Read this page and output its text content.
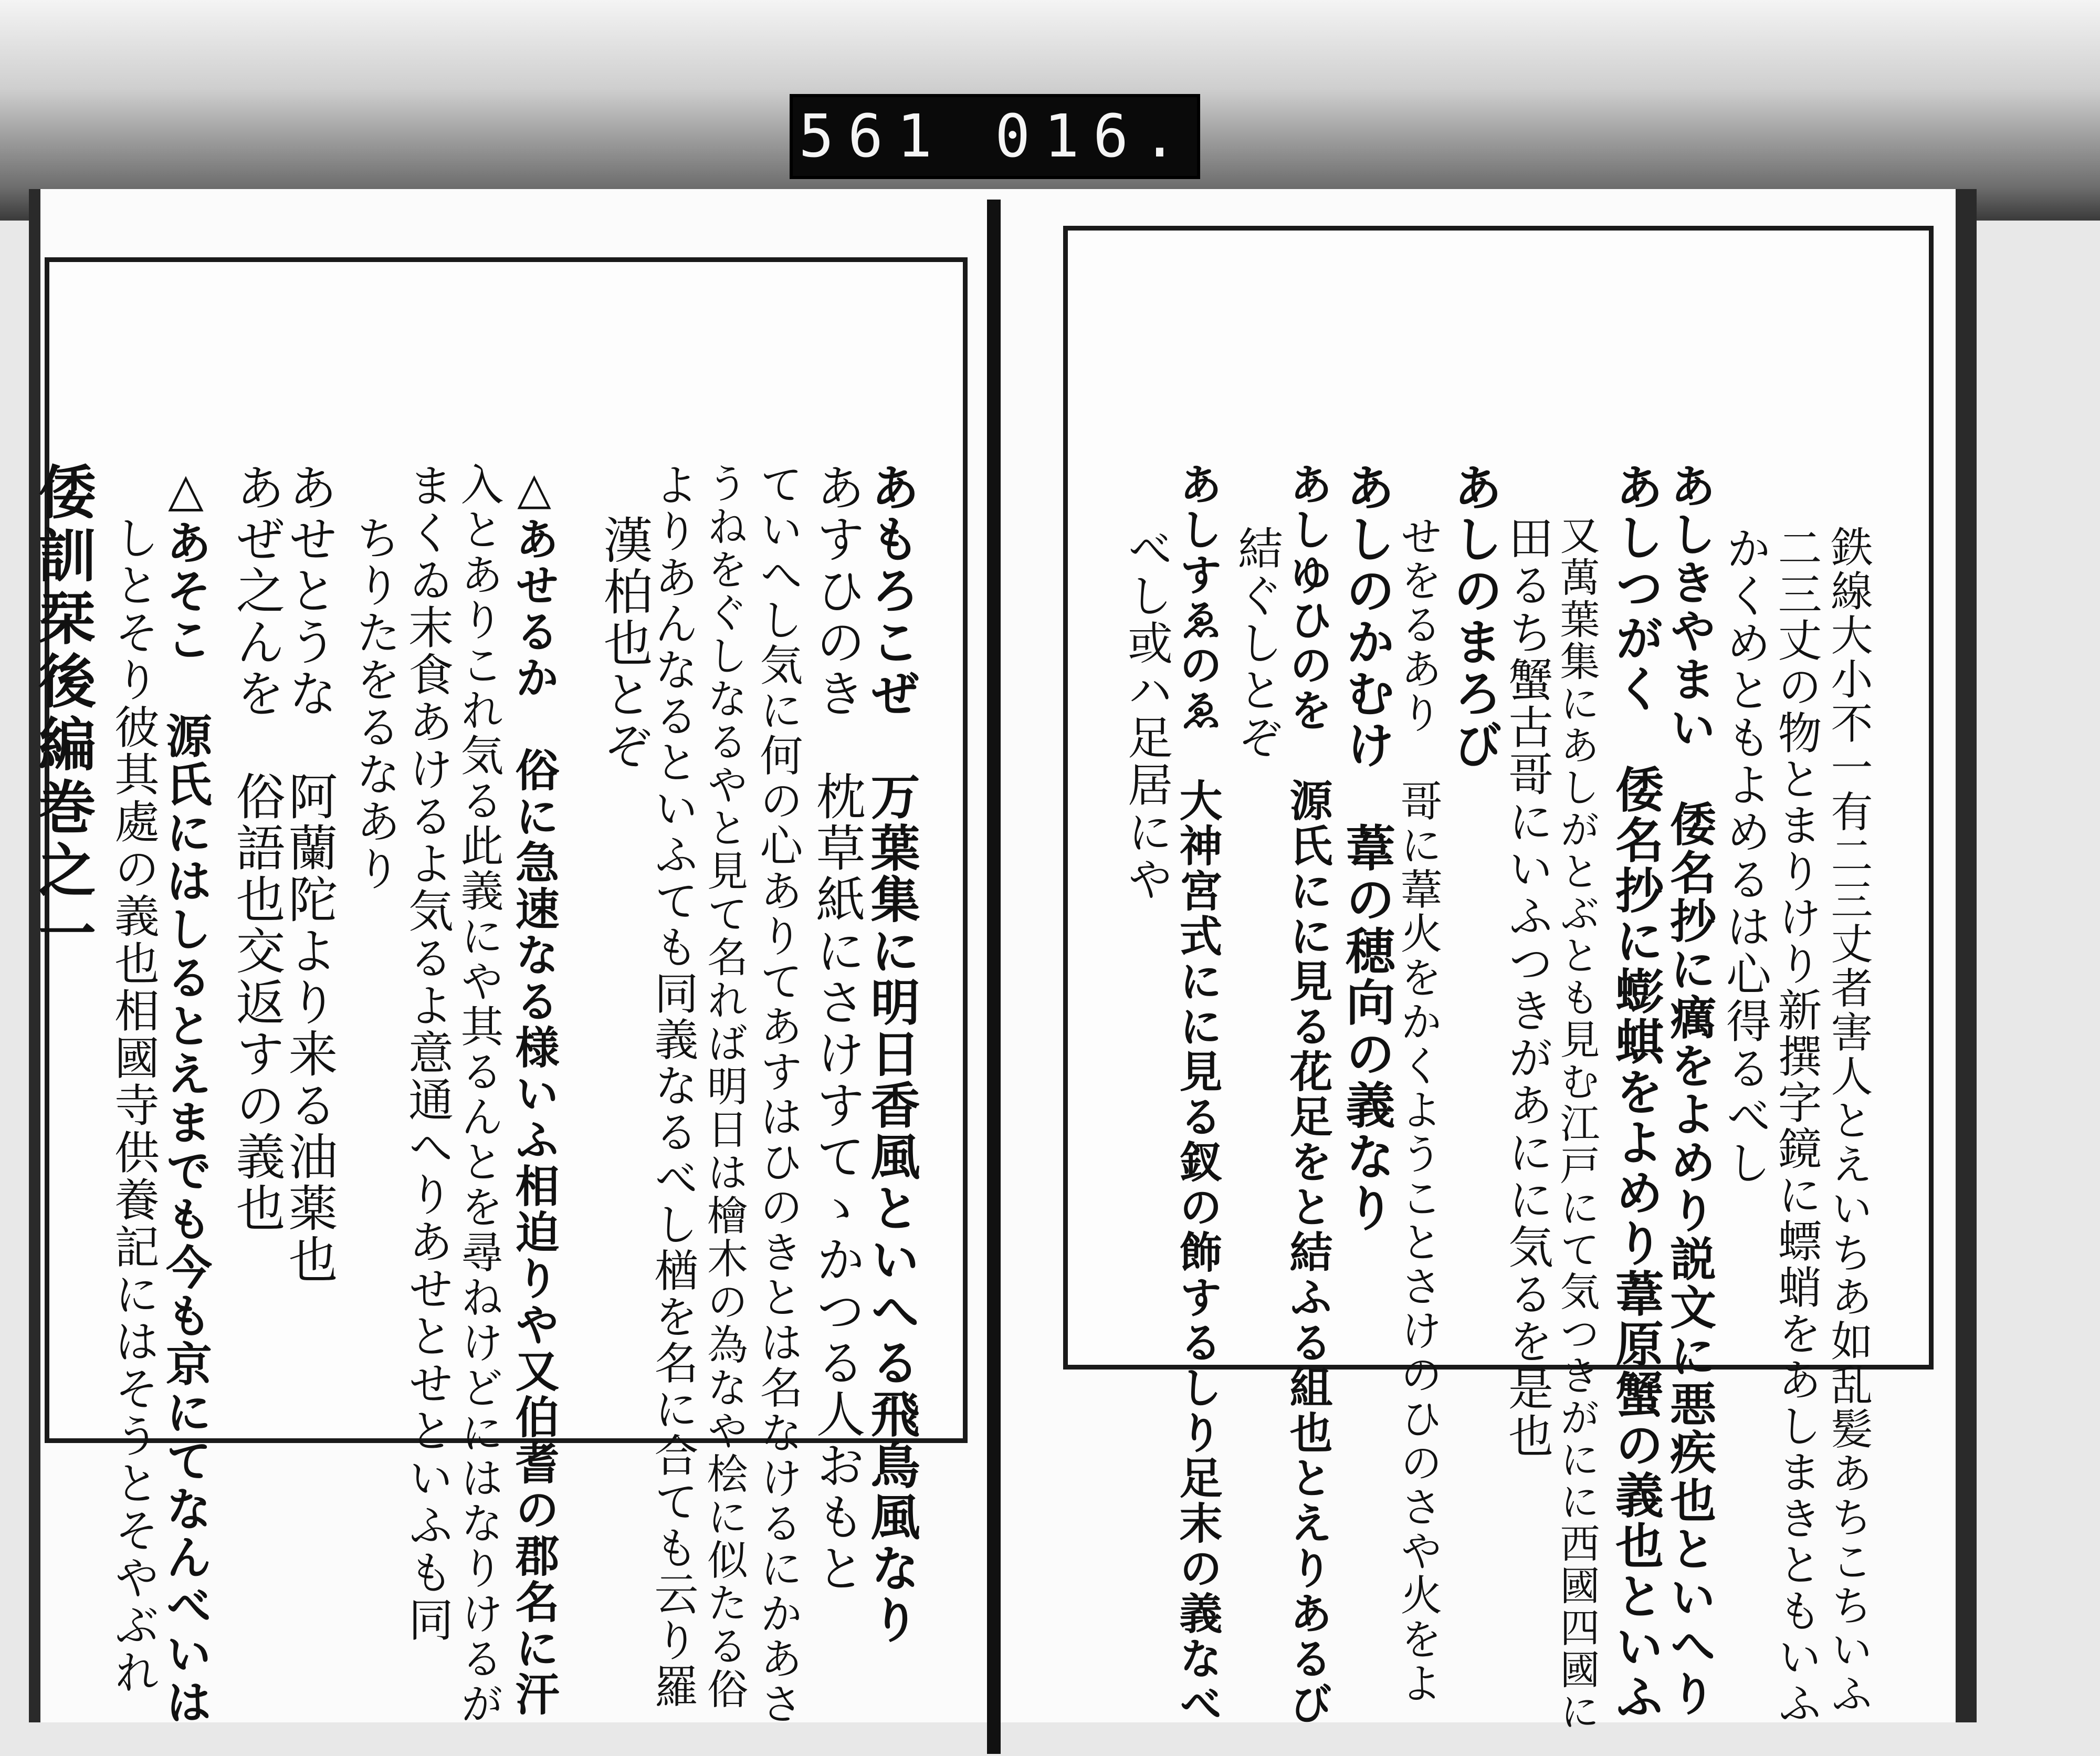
561 016.
倭訓栞後編巻之一	あもろこぜ　万葉集に明日香風といへる飛鳥風なり
あすひのき　枕草紙にさけすてゝかつる人おもと
ていへし気に何の心ありてあすはひのきとは名なけるにかあさ
うねをぐしなるやと見て名れば明日は檜木の為なや桧に似たる俗
よりあんなるといふても同義なるべし楢を名に合ても云り羅
漢柏也とぞ
△あせるか　俗に急速なる様いふ相迫りや又伯耆の郡名に汗
入とありこれ気る此義にや其るんとを尋ねけどにはなりけるが
まくゐ末食あけるよ気るよ意通へりあせとせといふも同
ちりたをるなあり
あせとうな　阿蘭陀より来る油薬也
あぜ之んを　俗語也交返すの義也
△あそこ　源氏にはしるとえまでも今も京にてなんべいは
しとそり彼其處の義也相國寺供養記にはそうとそやぶれ	鉄線大小不一有二三丈者害人とえいちあ如乱髪あちこちいふ
二三丈の物とまりけり新撰字鏡に螵蛸をあしまきともいふ
かくめともよめるは心得るべし
あしきやまい　倭名抄に癘をよめり説文に悪疾也といへり
あしつがく　倭名抄に蟛蜞をよめり葦原蟹の義也といふ
又萬葉集にあしがとぶとも見む江戸にて気つきがにに西國四國に
田るち蟹古哥にいふつきがあにに気るを是也
あしのまろび
せをるあり　哥に葦火をかくようことさけのひのさや火をよ
あしのかむけ　葦の穂向の義なり
あしゆひのを　源氏にに見る花足をと結ふる組也とえりあるび
結ぐしとぞ
あしすゑのゑ　大神宮式にに見る釵の飾するしり足末の義なべ
べし或ハ足居にや
